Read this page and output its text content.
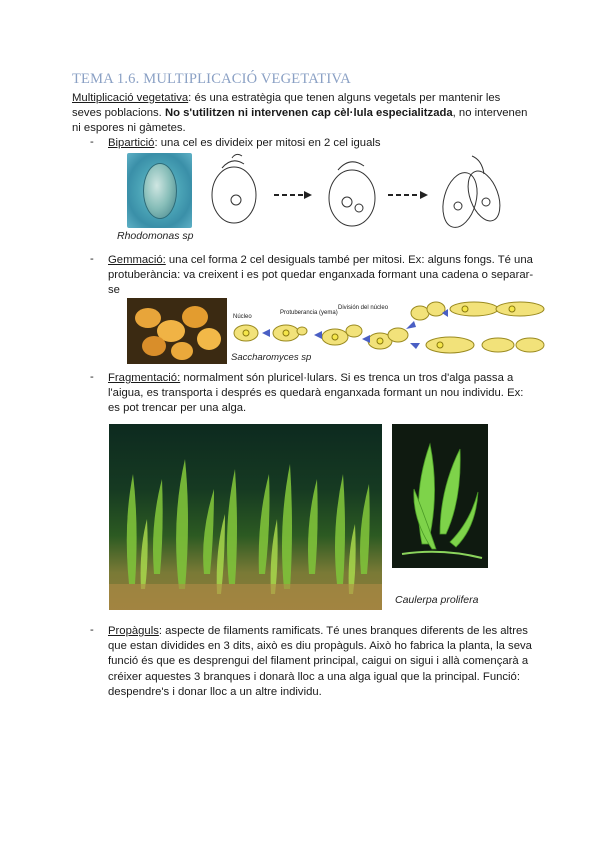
TEMA 1.6. MULTIPLICACIÓ VEGETATIVA

Multiplicació vegetativa: és una estratègia que tenen alguns vegetals per mantenir les seves poblacions. No s'utilitzen ni intervenen cap cèl·lula especialitzada, no intervenen ni espores ni gàmetes.

- Bipartició: una cel es divideix per mitosi en 2 cel iguals

Rhodomonas sp
- Gemmació: una cel forma 2 cel desiguals també per mitosi. Ex: alguns fongs. Té una protuberància: va creixent i es pot quedar enganxada formant una cadena o separar-se

Núcleo
Protuberancia (yema)
División del núcleo
Saccharomyces sp
- Fragmentació: normalment són pluricel·lulars. Si es trenca un tros d'alga passa a l'aigua, es transporta i després es quedarà enganxada formant un nou individu. Ex: es pot trencar per una alga.

Caulerpa prolifera
- Propàguls: aspecte de filaments ramificats. Té unes branques diferents de les altres que estan dividides en 3 dits, això es diu propàguls. Això ho fabrica la planta, la seva funció és que es desprengui del filament principal, caigui on sigui i allà començarà a créixer aquestes 3 branques i donarà lloc a una alga igual que la principal. Funció: despendre's i donar lloc a un altre individu.
